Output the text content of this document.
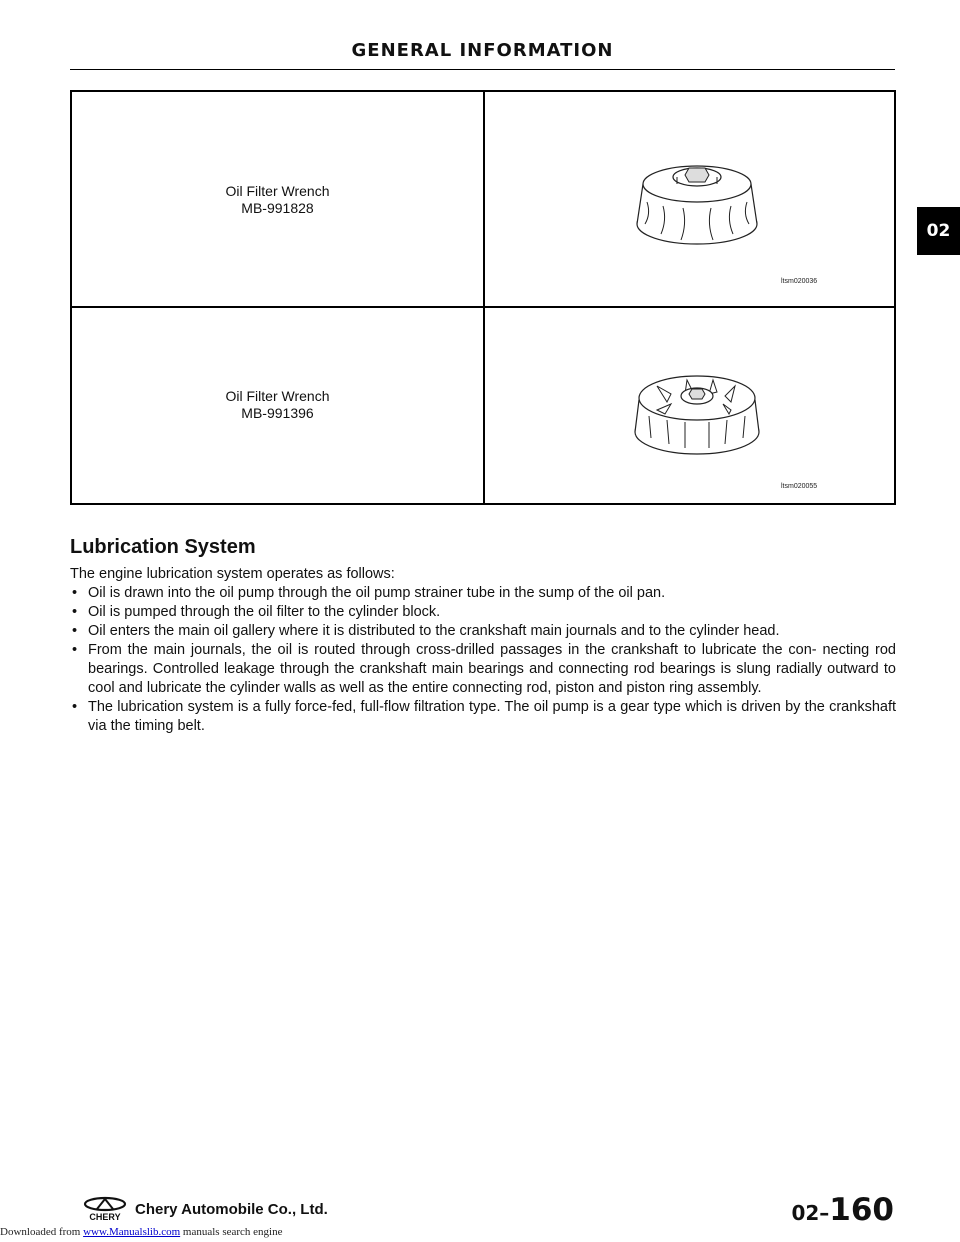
GENERAL INFORMATION
02
Oil Filter Wrench
MB-991828	ltsm020036

Oil Filter Wrench
MB-991396	ltsm020055
Lubrication System

The engine lubrication system operates as follows:

• Oil is drawn into the oil pump through the oil pump strainer tube in the sump of the oil pan.
• Oil is pumped through the oil filter to the cylinder block.
• Oil enters the main oil gallery where it is distributed to the crankshaft main journals and to the cylinder head.
• From the main journals, the oil is routed through cross-drilled passages in the crankshaft to lubricate the con- necting rod bearings. Controlled leakage through the crankshaft main bearings and connecting rod bearings is slung radially outward to cool and lubricate the cylinder walls as well as the entire connecting rod, piston and piston ring assembly.
• The lubrication system is a fully force-fed, full-flow filtration type. The oil pump is a gear type which is driven by the crankshaft via the timing belt.
CHERY Chery Automobile Co., Ltd.	02–160
Downloaded from www.Manualslib.com manuals search engine
